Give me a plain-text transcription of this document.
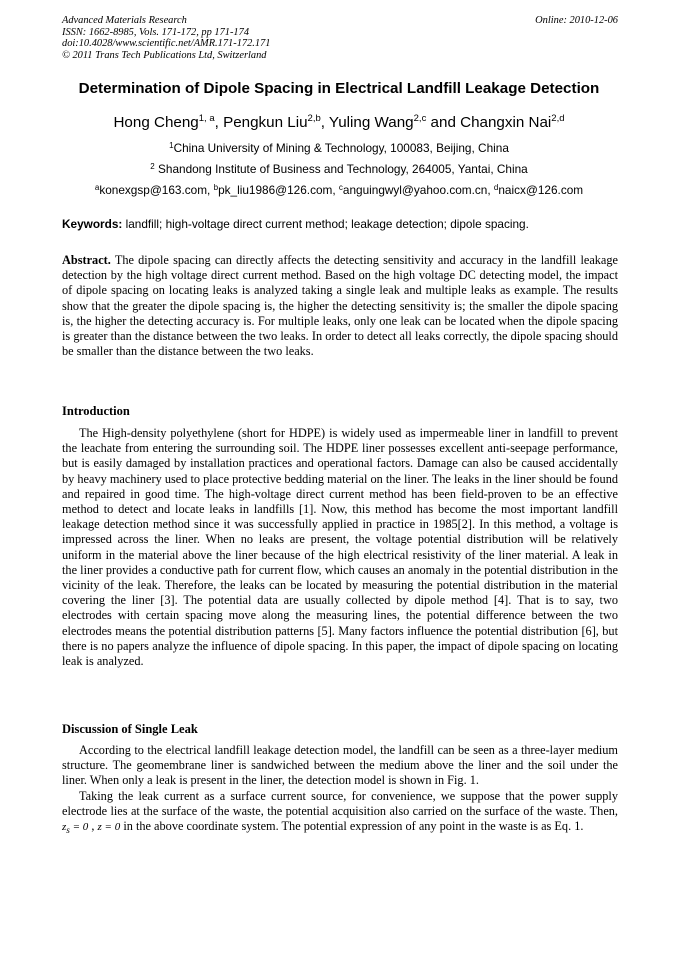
Advanced Materials Research
ISSN: 1662-8985, Vols. 171-172, pp 171-174
doi:10.4028/www.scientific.net/AMR.171-172.171
© 2011 Trans Tech Publications Ltd, Switzerland
Online: 2010-12-06
Determination of Dipole Spacing in Electrical Landfill Leakage Detection
Hong Cheng$^{1, a}$, Pengkun Liu$^{2,b}$, Yuling Wang$^{2,c}$ and Changxin Nai$^{2,d}$
$^1$China University of Mining & Technology, 100083, Beijing, China
$^2$ Shandong Institute of Business and Technology, 264005, Yantai, China
$^a$konexgsp@163.com, $^b$pk_liu1986@126.com, $^c$anguingwyl@yahoo.com.cn, $^d$naicx@126.com
Keywords: landfill; high-voltage direct current method; leakage detection; dipole spacing.

Abstract. The dipole spacing can directly affects the detecting sensitivity and accuracy in the landfill leakage detection by the high voltage direct current method. Based on the high voltage DC detecting model, the impact of dipole spacing on locating leaks is analyzed taking a single leak and multiple leaks as example. The results show that the greater the dipole spacing is, the higher the detecting sensitivity is; the smaller the dipole spacing is, the higher the detecting accuracy is. For multiple leaks, only one leak can be located when the dipole spacing is greater than the distance between the two leaks. In order to detect all leaks correctly, the dipole spacing should be smaller than the distance between the two leaks.

Introduction

The High-density polyethylene (short for HDPE) is widely used as impermeable liner in landfill to prevent the leachate from entering the surrounding soil. The HDPE liner possesses excellent anti-seepage performance, but is easily damaged by installation practices and operational factors. Damage can also be caused accidentally by heavy machinery used to place protective bedding material on the liner. The leaks in the liner should be found and repaired in good time. The high-voltage direct current method has been field-proven to be an effective method to detect and locate leaks in landfills [1]. Now, this method has become the most important landfill leakage detection method since it was successfully applied in practice in 1985[2]. In this method, a voltage is impressed across the liner. When no leaks are present, the voltage potential distribution will be relatively uniform in the material above the liner because of the high electrical resistivity of the liner material. A leak in the liner provides a conductive path for current flow, which causes an anomaly in the potential distribution in the vicinity of the leak. Therefore, the leaks can be located by measuring the potential distribution in the material covering the liner [3]. The potential data are usually collected by dipole method [4]. That is to say, two electrodes with certain spacing move along the measuring lines, the potential difference between the two electrodes means the potential distribution patterns [5]. Many factors influence the potential distribution [6], but there is no papers analyze the influence of dipole spacing. In this paper, the impact of dipole spacing on locating leak is analyzed.

Discussion of Single Leak

According to the electrical landfill leakage detection model, the landfill can be seen as a three-layer medium structure. The geomembrane liner is sandwiched between the medium above the liner and the soil under the liner. When only a leak is present in the liner, the detection model is shown in Fig. 1.

Taking the leak current as a surface current source, for convenience, we suppose that the power supply electrode lies at the surface of the waste, the potential acquisition also carried on the surface of the waste. Then, $z_s = 0$ , z = 0 in the above coordinate system. The potential expression of any point in the waste is as Eq. 1.
